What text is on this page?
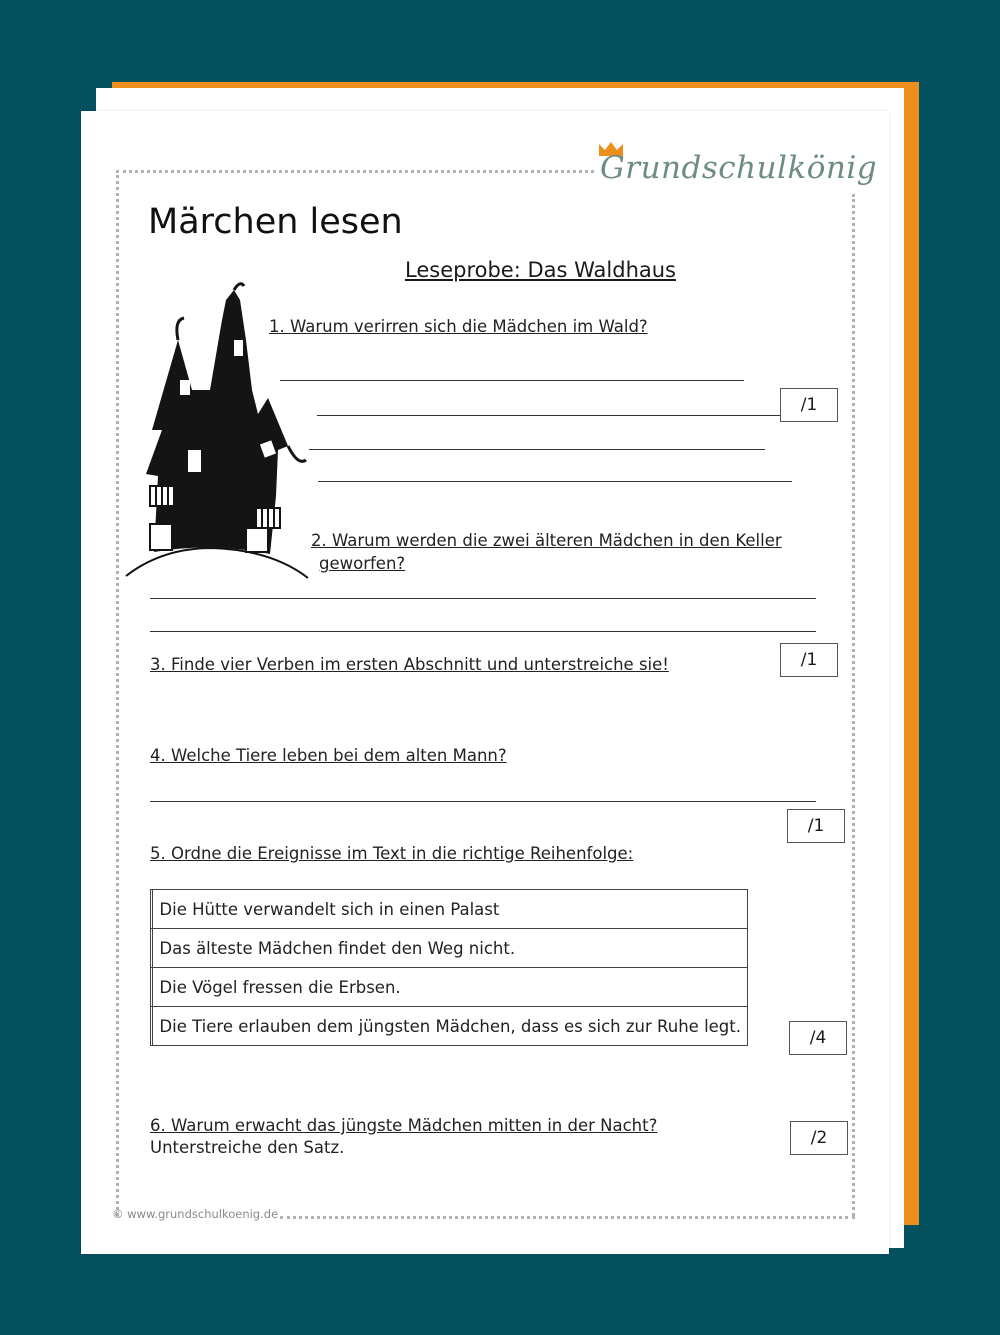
Grundschulkönig
Märchen lesen
Leseprobe: Das Waldhaus
1. Warum verirren sich die Mädchen im Wald?
/1
2. Warum werden die zwei älteren Mädchen in den Keller
geworfen?
3. Finde vier Verben im ersten Abschnitt und unterstreiche sie!	/1
4. Welche Tiere leben bei dem alten Mann?
/1
5. Ordne die Ereignisse im Text in die richtige Reihenfolge:
	Die Hütte verwandelt sich in einen Palast
	Das älteste Mädchen findet den Weg nicht.
	Die Vögel fressen die Erbsen.
	Die Tiere erlauben dem jüngsten Mädchen, dass es sich zur Ruhe legt.
/4
6. Warum erwacht das jüngste Mädchen mitten in der Nacht?
Unterstreiche den Satz.	/2
© www.grundschulkoenig.de
